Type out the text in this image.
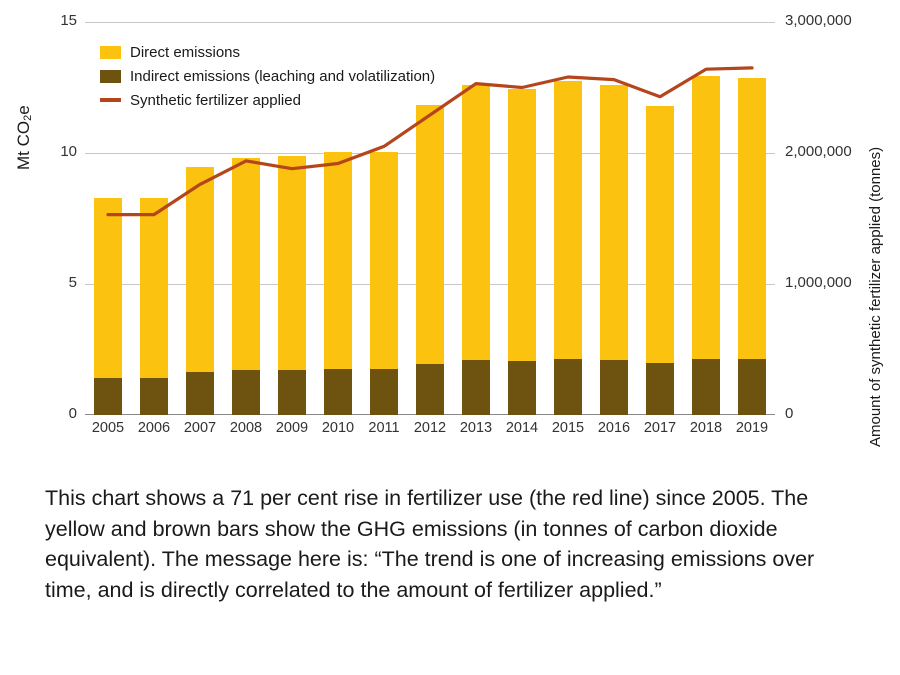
Mt $CO_2e$
Amount of synthetic fertilizer applied (tonnes)
0
5
10
15
0
1,000,000
2,000,000
3,000,000
2005 2006 2007 2008 2009 2010 2011 2012 2013 2014 2015 2016 2017 2018 2019
Direct emissions
Indirect emissions (leaching and volatilization)
Synthetic fertilizer applied
This chart shows a 71 per cent rise in fertilizer use (the red line) since 2005. The yellow and brown bars show the GHG emissions (in tonnes of carbon dioxide equivalent). The message here is: “The trend is one of increasing emissions over time, and is directly correlated to the amount of fertilizer applied.”
